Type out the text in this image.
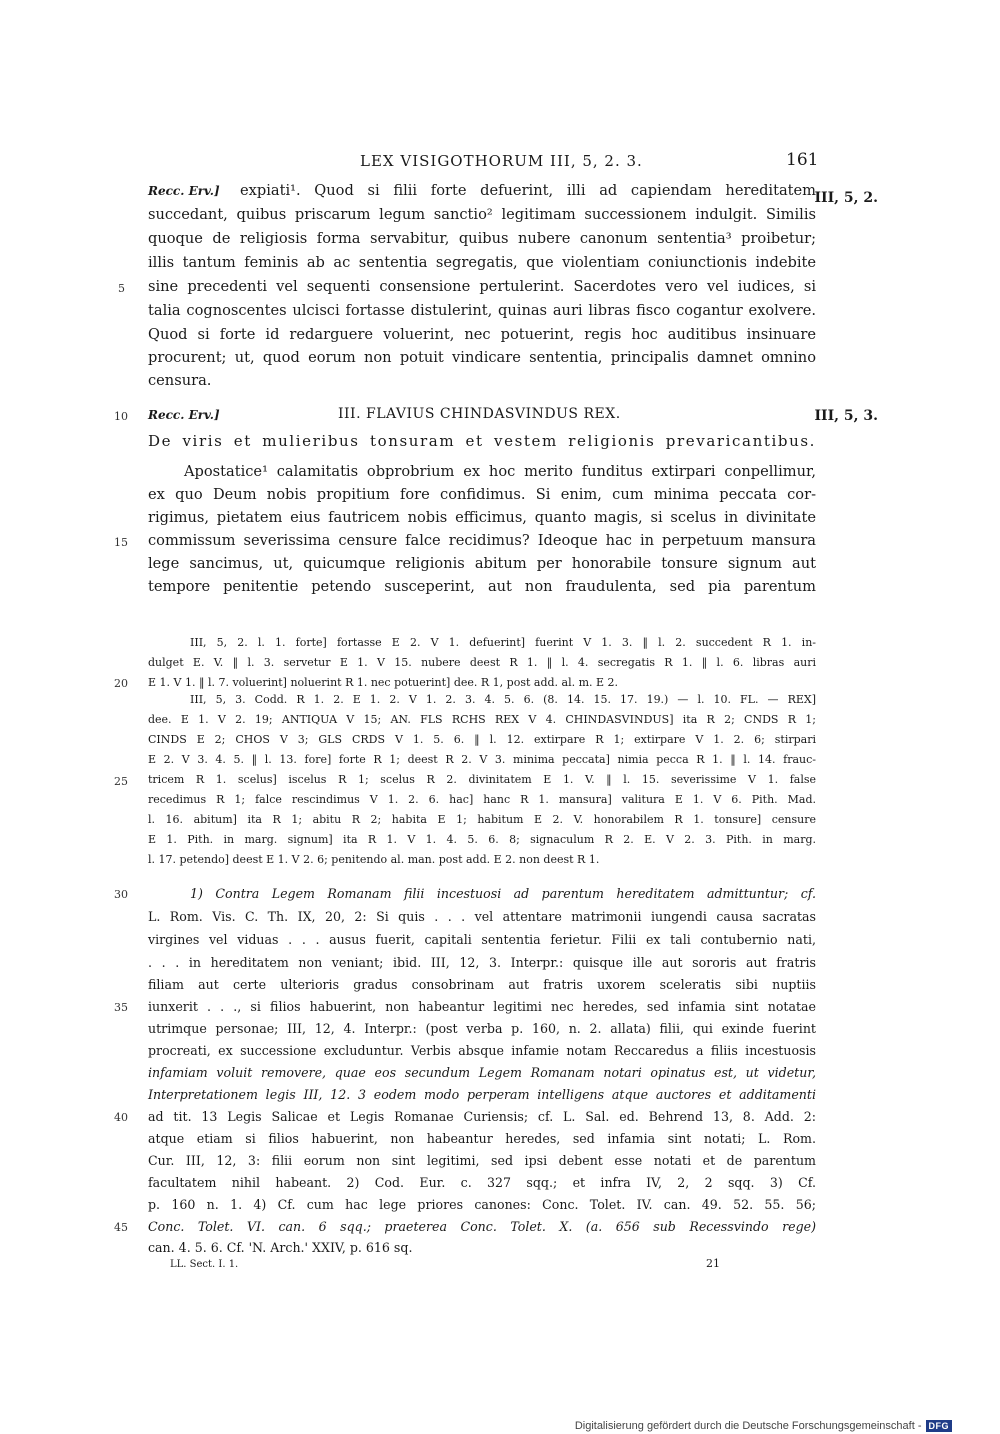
LEX VISIGOTHORUM III, 5, 2. 3.	161
Recc. Erv.] expiati¹. Quod si filii forte defuerint, illi ad capiendam hereditatem
succedant, quibus priscarum legum sanctio² legitimam successionem indulgit. Similis
quoque de religiosis forma servabitur, quibus nubere canonum sententia³ proibetur;
illis tantum feminis ab ac sententia segregatis, que violentiam coniunctionis indebite
sine precedenti vel sequenti consensione pertulerint. Sacerdotes vero vel iudices, si
talia cognoscentes ulcisci fortasse distulerint, quinas auri libras fisco cogantur exolvere.
Quod si forte id redarguere voluerint, nec potuerint, regis hoc auditibus insinuare
procurent; ut, quod eorum non potuit vindicare sententia, principalis damnet omnino
censura.
III, 5, 2.
Recc. Erv.]	III. FLAVIUS CHINDASVINDUS REX.	III, 5, 3.
De viris et mulieribus tonsuram et vestem religionis prevaricantibus.
Apostatice¹ calamitatis obprobrium ex hoc merito funditus extirpari conpellimur,
ex quo Deum nobis propitium fore confidimus. Si enim, cum minima peccata cor-
rigimus, pietatem eius fautricem nobis efficimus, quanto magis, si scelus in divinitate
commissum severissima censure falce recidimus? Ideoque hac in perpetuum mansura
lege sancimus, ut, quicumque religionis abitum per honorabile tonsure signum aut
tempore penitentie petendo susceperint, aut non fraudulenta, sed pia parentum
III, 5, 2. l. 1. forte] fortasse E 2. V 1. defuerint] fuerint V 1. 3. ‖ l. 2. succedent R 1. in-
dulget E. V. ‖ l. 3. servetur E 1. V 15. nubere deest R 1. ‖ l. 4. secregatis R 1. ‖ l. 6. libras auri
E 1. V 1. ‖ l. 7. voluerint] noluerint R 1. nec potuerint] dee. R 1, post add. al. m. E 2.
III, 5, 3. Codd. R 1. 2. E 1. 2. V 1. 2. 3. 4. 5. 6. (8. 14. 15. 17. 19.) — l. 10. FL. — REX]
dee. E 1. V 2. 19; ANTIQUA V 15; AN. FLS RCHS REX V 4. CHINDASVINDUS] ita R 2; CNDS R 1;
CINDS E 2; CHOS V 3; GLS CRDS V 1. 5. 6. ‖ l. 12. extirpare R 1; extirpare V 1. 2. 6; stirpari
E 2. V 3. 4. 5. ‖ l. 13. fore] forte R 1; deest R 2. V 3. minima peccata] nimia pecca R 1. ‖ l. 14. frauc-
tricem R 1. scelus] iscelus R 1; scelus R 2. divinitatem E 1. V. ‖ l. 15. severissime V 1. false
recedimus R 1; falce rescindimus V 1. 2. 6. hac] hanc R 1. mansura] valitura E 1. V 6. Pith. Mad.
l. 16. abitum] ita R 1; abitu R 2; habita E 1; habitum E 2. V. honorabilem R 1. tonsure] censure
E 1. Pith. in marg. signum] ita R 1. V 1. 4. 5. 6. 8; signaculum R 2. E. V 2. 3. Pith. in marg.
l. 17. petendo] deest E 1. V 2. 6; penitendo al. man. post add. E 2. non deest R 1.
1) Contra Legem Romanam filii incestuosi ad parentum hereditatem admittuntur; cf.
L. Rom. Vis. C. Th. IX, 20, 2: Si quis . . . vel attentare matrimonii iungendi causa sacratas
virgines vel viduas . . . ausus fuerit, capitali sententia ferietur. Filii ex tali contubernio nati,
. . . in hereditatem non veniant; ibid. III, 12, 3. Interpr.: quisque ille aut sororis aut fratris
filiam aut certe ulterioris gradus consobrinam aut fratris uxorem sceleratis sibi nuptiis
iunxerit . . ., si filios habuerint, non habeantur legitimi nec heredes, sed infamia sint notatae
utrimque personae; III, 12, 4. Interpr.: (post verba p. 160, n. 2. allata) filii, qui exinde fuerint
procreati, ex successione excluduntur. Verbis absque infamie notam Reccaredus a filiis incestuosis
infamiam voluit removere, quae eos secundum Legem Romanam notari opinatus est, ut videtur,
Interpretationem legis III, 12. 3 eodem modo perperam intelligens atque auctores et additamenti
ad tit. 13 Legis Salicae et Legis Romanae Curiensis; cf. L. Sal. ed. Behrend 13, 8. Add. 2:
atque etiam si filios habuerint, non habeantur heredes, sed infamia sint notati; L. Rom.
Cur. III, 12, 3: filii eorum non sint legitimi, sed ipsi debent esse notati et de parentum
facultatem nihil habeant. 2) Cod. Eur. c. 327 sqq.; et infra IV, 2, 2 sqq. 3) Cf.
p. 160 n. 1. 4) Cf. cum hac lege priores canones: Conc. Tolet. IV. can. 49. 52. 55. 56;
Conc. Tolet. VI. can. 6 sqq.; praeterea Conc. Tolet. X. (a. 656 sub Recessvindo rege)
can. 4. 5. 6. Cf. 'N. Arch.' XXIV, p. 616 sq.
5
10
15
20
25
30
35
40
45
LL. Sect. I. 1.	21
Digitalisierung gefördert durch die Deutsche Forschungsgemeinschaft - DFG
